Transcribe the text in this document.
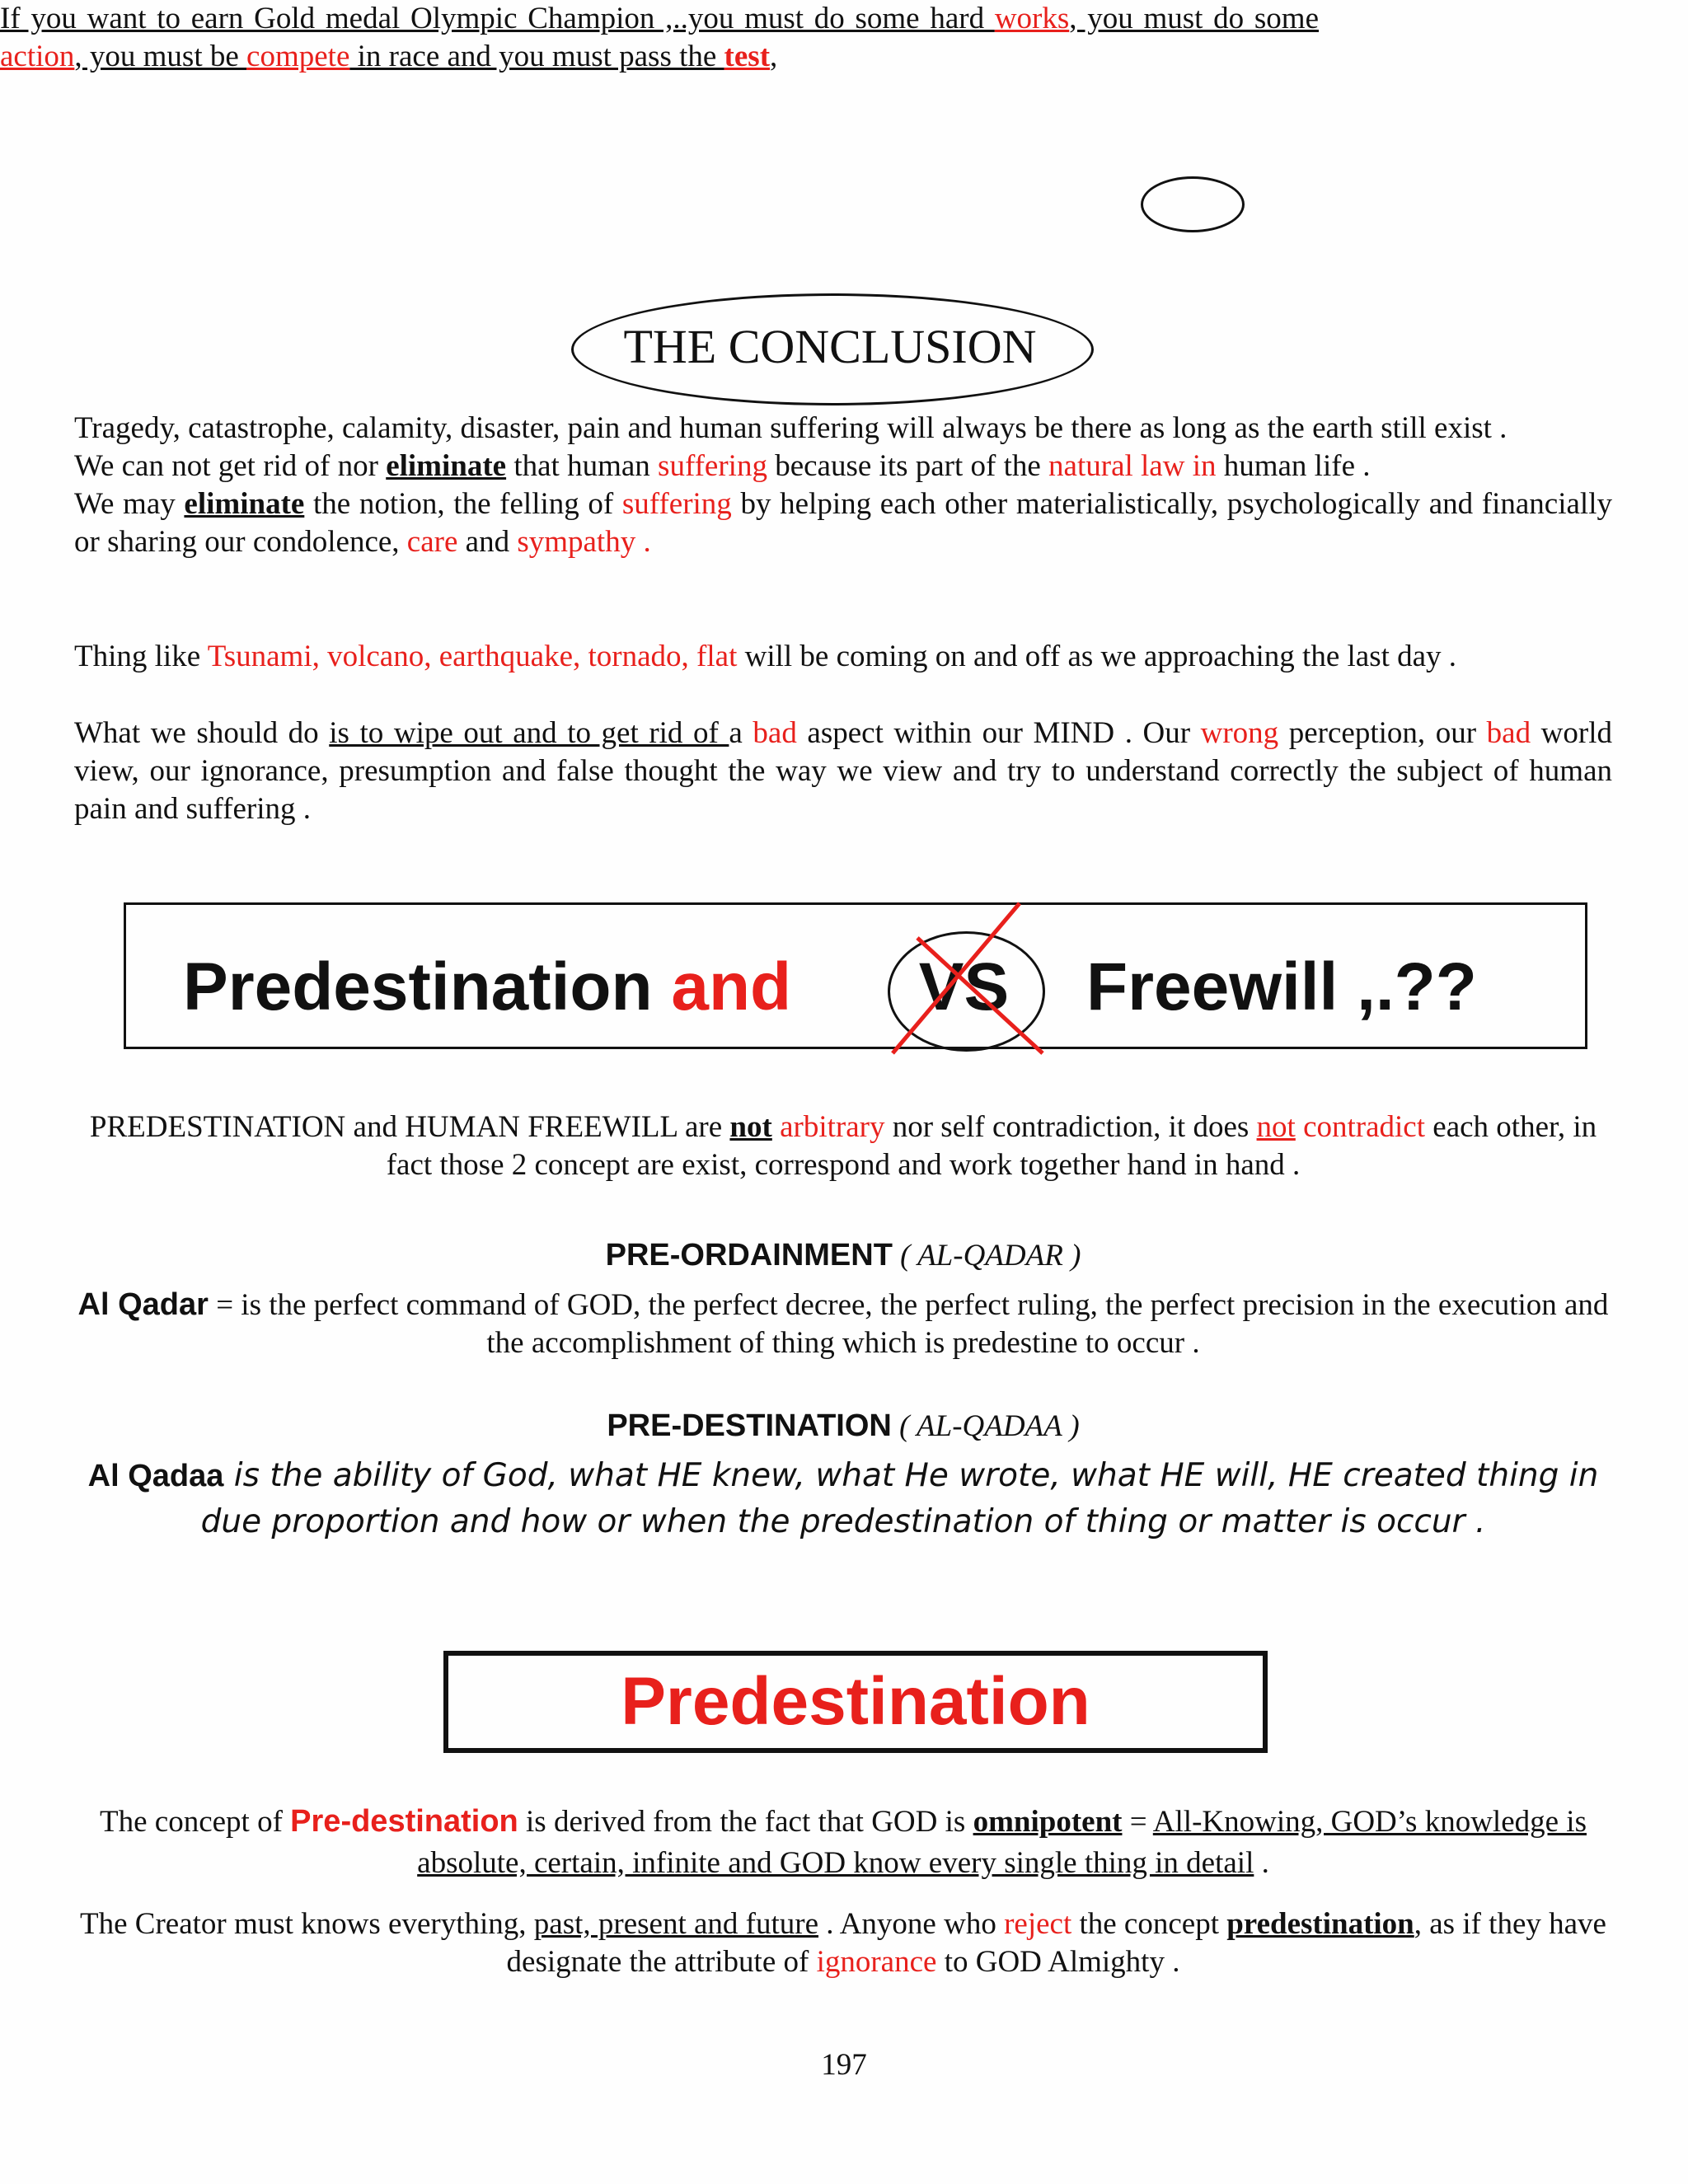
If you want to earn Gold medal Olympic Champion ,..you must do some hard works, you must do some action, you must be compete in race and you must pass the test,
THE CONCLUSION
Tragedy, catastrophe, calamity, disaster, pain and human suffering will always be there as long as the earth still exist .
We can not get rid of nor eliminate that human suffering because its part of the natural law in human life .
We may eliminate the notion, the felling of suffering by helping each other materialistically, psychologically and financially or sharing our condolence, care and sympathy .
Thing like Tsunami, volcano, earthquake, tornado, flat will be coming on and off as we approaching the last day .
What we should do is to wipe out and to get rid of a bad aspect within our MIND . Our wrong perception, our bad world view, our ignorance, presumption and false thought the way we view and try to understand correctly the subject of human pain and suffering .
Predestination and	VS	Freewill ,.??
PREDESTINATION and HUMAN FREEWILL are not arbitrary nor self contradiction, it does not contradict each other, in fact those 2 concept are exist, correspond and work together hand in hand .
PRE-ORDAINMENT ( AL-QADAR )
Al Qadar = is the perfect command of GOD, the perfect decree, the perfect ruling, the perfect precision in the execution and the accomplishment of thing which is predestine to occur .
PRE-DESTINATION ( AL-QADAA )
Al Qadaa is the ability of God, what HE knew, what He wrote, what HE will, HE created thing in due proportion and how or when the predestination of thing or matter is occur .
Predestination
The concept of Pre-destination is derived from the fact that GOD is omnipotent = All-Knowing, GOD’s knowledge is absolute, certain, infinite and GOD know every single thing in detail .
The Creator must knows everything, past, present and future . Anyone who reject the concept predestination, as if they have designate the attribute of ignorance to GOD Almighty .
197
